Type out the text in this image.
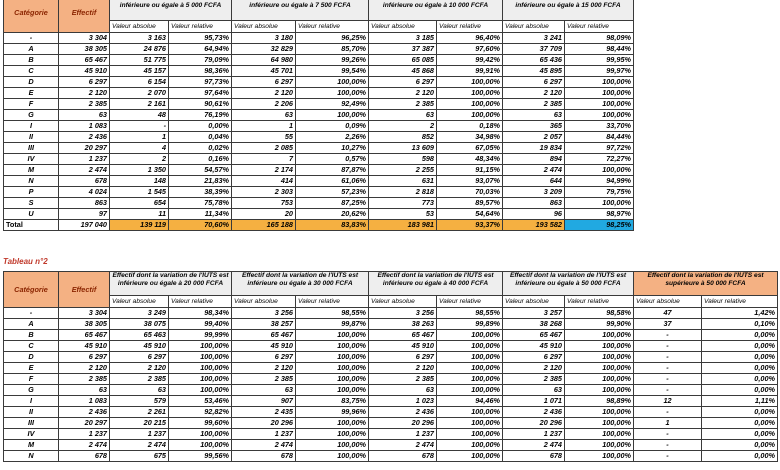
Catégorie	Effectif	inférieure ou égale à 5 000 FCFA		inférieure ou égale à 7 500 FCFA		inférieure ou égale à 10 000 FCFA		inférieure ou égale à 15 000 FCFA	
		Valeur absolue	Valeur relative	Valeur absolue	Valeur relative	Valeur absolue	Valeur relative	Valeur absolue	Valeur relative
-	3 304	3 163	95,73%	3 180	96,25%	3 185	96,40%	3 241	98,09%
A	38 305	24 876	64,94%	32 829	85,70%	37 387	97,60%	37 709	98,44%
B	65 467	51 775	79,09%	64 980	99,26%	65 085	99,42%	65 436	99,95%
C	45 910	45 157	98,36%	45 701	99,54%	45 868	99,91%	45 895	99,97%
D	6 297	6 154	97,73%	6 297	100,00%	6 297	100,00%	6 297	100,00%
E	2 120	2 070	97,64%	2 120	100,00%	2 120	100,00%	2 120	100,00%
F	2 385	2 161	90,61%	2 206	92,49%	2 385	100,00%	2 385	100,00%
G	63	48	76,19%	63	100,00%	63	100,00%	63	100,00%
I	1 083	-	0,00%	1	0,09%	2	0,18%	365	33,70%
II	2 436	1	0,04%	55	2,26%	852	34,98%	2 057	84,44%
III	20 297	4	0,02%	2 085	10,27%	13 609	67,05%	19 834	97,72%
IV	1 237	2	0,16%	7	0,57%	598	48,34%	894	72,27%
M	2 474	1 350	54,57%	2 174	87,87%	2 255	91,15%	2 474	100,00%
N	678	148	21,83%	414	61,06%	631	93,07%	644	94,99%
P	4 024	1 545	38,39%	2 303	57,23%	2 818	70,03%	3 209	79,75%
S	863	654	75,78%	753	87,25%	773	89,57%	863	100,00%
U	97	11	11,34%	20	20,62%	53	54,64%	96	98,97%
Total	197 040	139 119	70,60%	165 188	83,83%	183 981	93,37%	193 582	98,25%
Tableau n°2
Catégorie	Effectif	Effectif dont la variation de l'IUTS est inférieure ou égale à 20 000 FCFA		Effectif dont la variation de l'IUTS est inférieure ou égale à 30 000 FCFA		Effectif dont la variation de l'IUTS est inférieure ou égale à 40 000 FCFA		Effectif dont la variation de l'IUTS est inférieure ou égale à 50 000 FCFA		Effectif dont la variation de l'IUTS est supérieure à 50 000 FCFA	
		Valeur absolue	Valeur relative	Valeur absolue	Valeur relative	Valeur absolue	Valeur relative	Valeur absolue	Valeur relative	Valeur absolue	Valeur relative
-	3 304	3 249	98,34%	3 256	98,55%	3 256	98,55%	3 257	98,58%	47	1,42%
A	38 305	38 075	99,40%	38 257	99,87%	38 263	99,89%	38 268	99,90%	37	0,10%
B	65 467	65 463	99,99%	65 467	100,00%	65 467	100,00%	65 467	100,00%	-	0,00%
C	45 910	45 910	100,00%	45 910	100,00%	45 910	100,00%	45 910	100,00%	-	0,00%
D	6 297	6 297	100,00%	6 297	100,00%	6 297	100,00%	6 297	100,00%	-	0,00%
E	2 120	2 120	100,00%	2 120	100,00%	2 120	100,00%	2 120	100,00%	-	0,00%
F	2 385	2 385	100,00%	2 385	100,00%	2 385	100,00%	2 385	100,00%	-	0,00%
G	63	63	100,00%	63	100,00%	63	100,00%	63	100,00%	-	0,00%
I	1 083	579	53,46%	907	83,75%	1 023	94,46%	1 071	98,89%	12	1,11%
II	2 436	2 261	92,82%	2 435	99,96%	2 436	100,00%	2 436	100,00%	-	0,00%
III	20 297	20 215	99,60%	20 296	100,00%	20 296	100,00%	20 296	100,00%	1	0,00%
IV	1 237	1 237	100,00%	1 237	100,00%	1 237	100,00%	1 237	100,00%	-	0,00%
M	2 474	2 474	100,00%	2 474	100,00%	2 474	100,00%	2 474	100,00%	-	0,00%
N	678	675	99,56%	678	100,00%	678	100,00%	678	100,00%	-	0,00%
